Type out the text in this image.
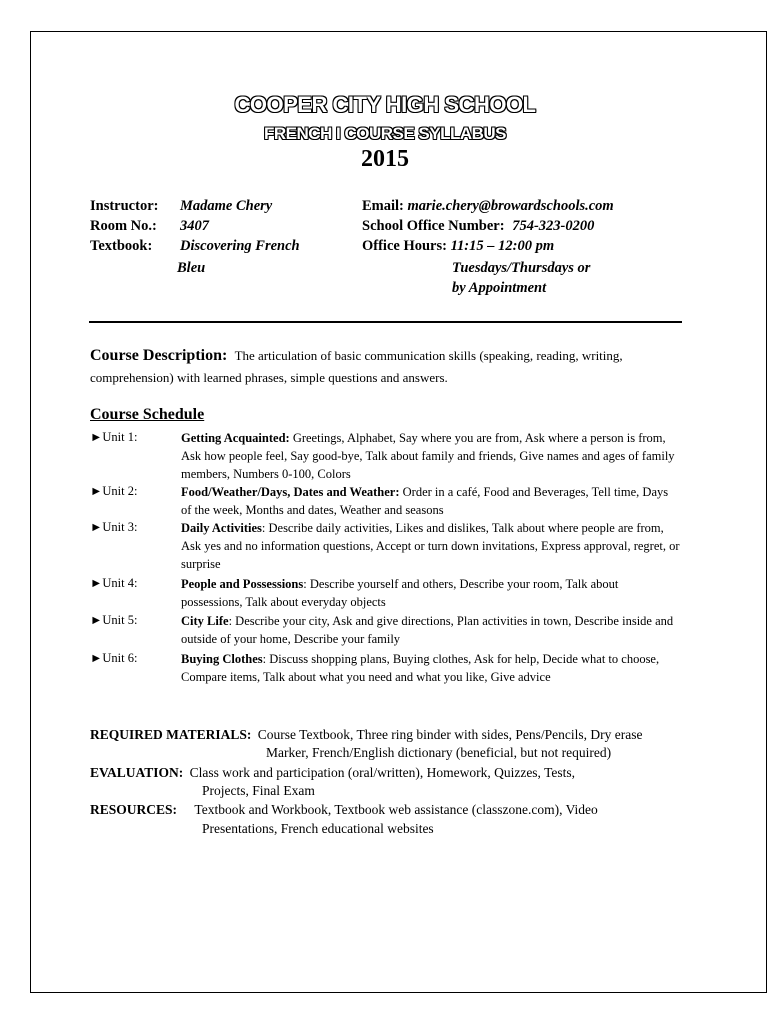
COOPER CITY HIGH SCHOOL
FRENCH I COURSE SYLLABUS
2015
Instructor: Madame Chery
Room No.: 3407
Textbook: Discovering French
Bleu
Email: marie.chery@browardschools.com
School Office Number: 754-323-0200
Office Hours: 11:15 – 12:00 pm
Tuesdays/Thursdays or
by Appointment
Course Description: The articulation of basic communication skills (speaking, reading, writing, comprehension) with learned phrases, simple questions and answers.
Course Schedule
►Unit 1:	Getting Acquainted: Greetings, Alphabet, Say where you are from, Ask where a person is from, Ask how people feel, Say good-bye, Talk about family and friends, Give names and ages of family members, Numbers 0-100, Colors
►Unit 2:	Food/Weather/Days, Dates and Weather: Order in a café, Food and Beverages, Tell time, Days of the week, Months and dates, Weather and seasons
►Unit 3:	Daily Activities: Describe daily activities, Likes and dislikes, Talk about where people are from, Ask yes and no information questions, Accept or turn down invitations, Express approval, regret, or surprise
►Unit 4:	People and Possessions: Describe yourself and others, Describe your room, Talk about possessions, Talk about everyday objects
►Unit 5:	City Life: Describe your city, Ask and give directions, Plan activities in town, Describe inside and outside of your home, Describe your family
►Unit 6:	Buying Clothes: Discuss shopping plans, Buying clothes, Ask for help, Decide what to choose, Compare items, Talk about what you need and what you like, Give advice
REQUIRED MATERIALS: Course Textbook, Three ring binder with sides, Pens/Pencils, Dry erase
Marker, French/English dictionary (beneficial, but not required)
EVALUATION: Class work and participation (oral/written), Homework, Quizzes, Tests,
Projects, Final Exam
RESOURCES: Textbook and Workbook, Textbook web assistance (classzone.com), Video
Presentations, French educational websites
